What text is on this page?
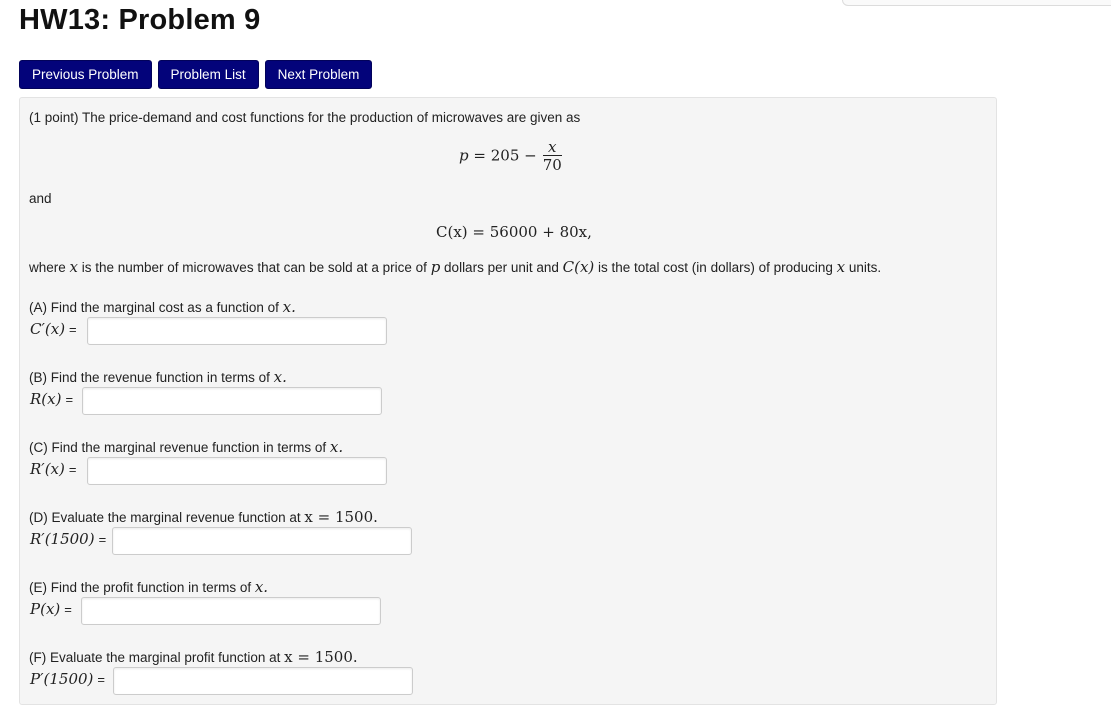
HW13: Problem 9
Previous Problem	Problem List	Next Problem
(1 point) The price-demand and cost functions for the production of microwaves are given as
$p = 205 - \frac{x}{70}$
and
C(x) = 56000 + 80x,
where x is the number of microwaves that can be sold at a price of p dollars per unit and C(x) is the total cost (in dollars) of producing x units.
(A) Find the marginal cost as a function of x.
C′(x) =
(B) Find the revenue function in terms of x.
R(x) =
(C) Find the marginal revenue function in terms of x.
R′(x) =
(D) Evaluate the marginal revenue function at x = 1500.
R′(1500) =
(E) Find the profit function in terms of x.
P(x) =
(F) Evaluate the marginal profit function at x = 1500.
P′(1500) =
